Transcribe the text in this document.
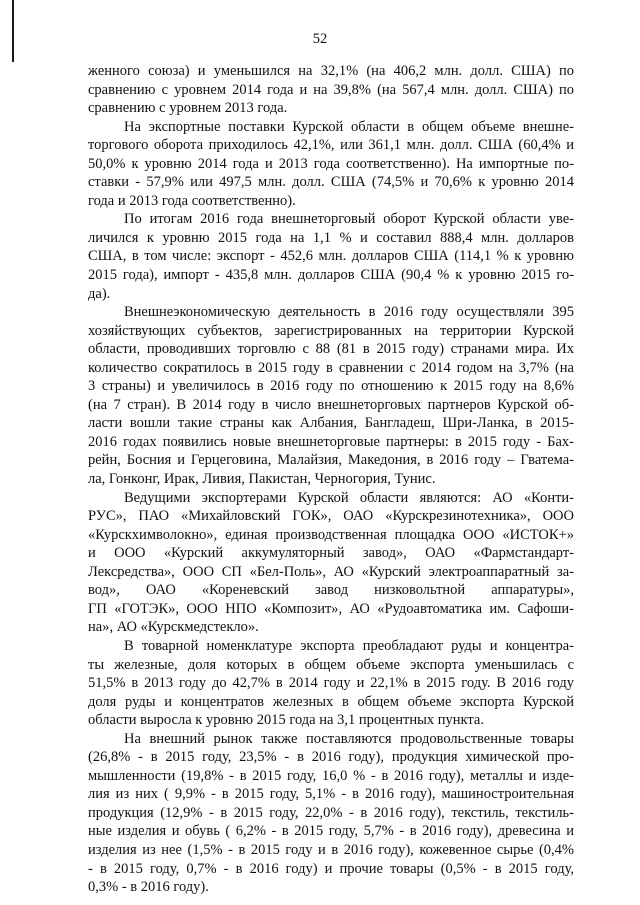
52
женного союза) и уменьшился на 32,1% (на 406,2 млн. долл. США) по
сравнению с уровнем 2014 года и на 39,8% (на 567,4 млн. долл. США) по
сравнению с уровнем 2013 года.
На экспортные поставки Курской области в общем объеме внешне-
торгового оборота приходилось 42,1%, или 361,1 млн. долл. США (60,4% и
50,0% к уровню 2014 года и 2013 года соответственно). На импортные по-
ставки - 57,9% или 497,5 млн. долл. США (74,5% и 70,6% к уровню 2014
года и 2013 года соответственно).
По итогам 2016 года внешнеторговый оборот Курской области уве-
личился к уровню 2015 года на 1,1 % и составил 888,4 млн. долларов
США, в том числе: экспорт - 452,6 млн. долларов США (114,1 % к уровню
2015 года), импорт - 435,8 млн. долларов США (90,4 % к уровню 2015 го-
да).
Внешнеэкономическую деятельность в 2016 году осуществляли 395
хозяйствующих субъектов, зарегистрированных на территории Курской
области, проводивших торговлю с 88 (81 в 2015 году) странами мира. Их
количество сократилось в 2015 году в сравнении с 2014 годом на 3,7% (на
3 страны) и увеличилось в 2016 году по отношению к 2015 году на 8,6%
(на 7 стран). В 2014 году в число внешнеторговых партнеров Курской об-
ласти вошли такие страны как Албания, Бангладеш, Шри-Ланка, в 2015-
2016 годах появились новые внешнеторговые партнеры: в 2015 году - Бах-
рейн, Босния и Герцеговина, Малайзия, Македония, в 2016 году – Гватема-
ла, Гонконг, Ирак, Ливия, Пакистан, Черногория, Тунис.
Ведущими экспортерами Курской области являются: АО «Конти-
РУС», ПАО «Михайловский ГОК», ОАО «Курскрезинотехника», ООО
«Курскхимволокно», единая производственная площадка ООО «ИСТОК+»
и ООО «Курский аккумуляторный завод», ОАО «Фармстандарт-
Лексредства», ООО СП «Бел-Поль», АО «Курский электроаппаратный за-
вод», ОАО «Кореневский завод низковольтной аппаратуры»,
ГП «ГОТЭК», ООО НПО «Композит», АО «Рудоавтоматика им. Сафоши-
на», АО «Курскмедстекло».
В товарной номенклатуре экспорта преобладают руды и концентра-
ты железные, доля которых в общем объеме экспорта уменьшилась с
51,5% в 2013 году до 42,7% в 2014 году и 22,1% в 2015 году. В 2016 году
доля руды и концентратов железных в общем объеме экспорта Курской
области выросла к уровню 2015 года на 3,1 процентных пункта.
На внешний рынок также поставляются продовольственные товары
(26,8% - в 2015 году, 23,5% - в 2016 году), продукция химической про-
мышленности (19,8% - в 2015 году, 16,0 % - в 2016 году), металлы и изде-
лия из них ( 9,9% - в 2015 году, 5,1% - в 2016 году), машиностроительная
продукция (12,9% - в 2015 году, 22,0% - в 2016 году), текстиль, текстиль-
ные изделия и обувь ( 6,2% - в 2015 году, 5,7% - в 2016 году), древесина и
изделия из нее (1,5% - в 2015 году и в 2016 году), кожевенное сырье (0,4%
- в 2015 году, 0,7% - в 2016 году) и прочие товары (0,5% - в 2015 году,
0,3% - в 2016 году).
